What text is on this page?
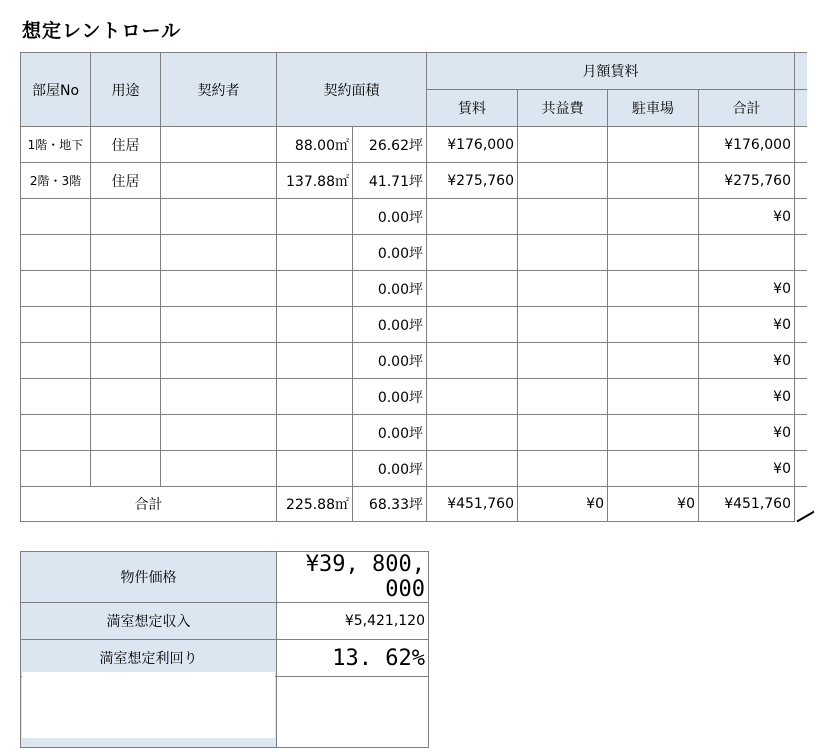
想定レントロール
部屋No	用途	契約者	契約面積		月額賃料				
					賃料	共益費	駐車場	合計	
1階・地下	住居		88.00㎡	26.62坪	¥176,000			¥176,000	
2階・3階	住居		137.88㎡	41.71坪	¥275,760			¥275,760	
				0.00坪				¥0	
				0.00坪					
				0.00坪				¥0	
				0.00坪				¥0	
				0.00坪				¥0	
				0.00坪				¥0	
				0.00坪				¥0	
				0.00坪				¥0	
合計			225.88㎡	68.33坪	¥451,760	¥0	¥0	¥451,760	
物件価格	¥39, 800, 000
満室想定収入	¥5,421,120
満室想定利回り	13. 62%
